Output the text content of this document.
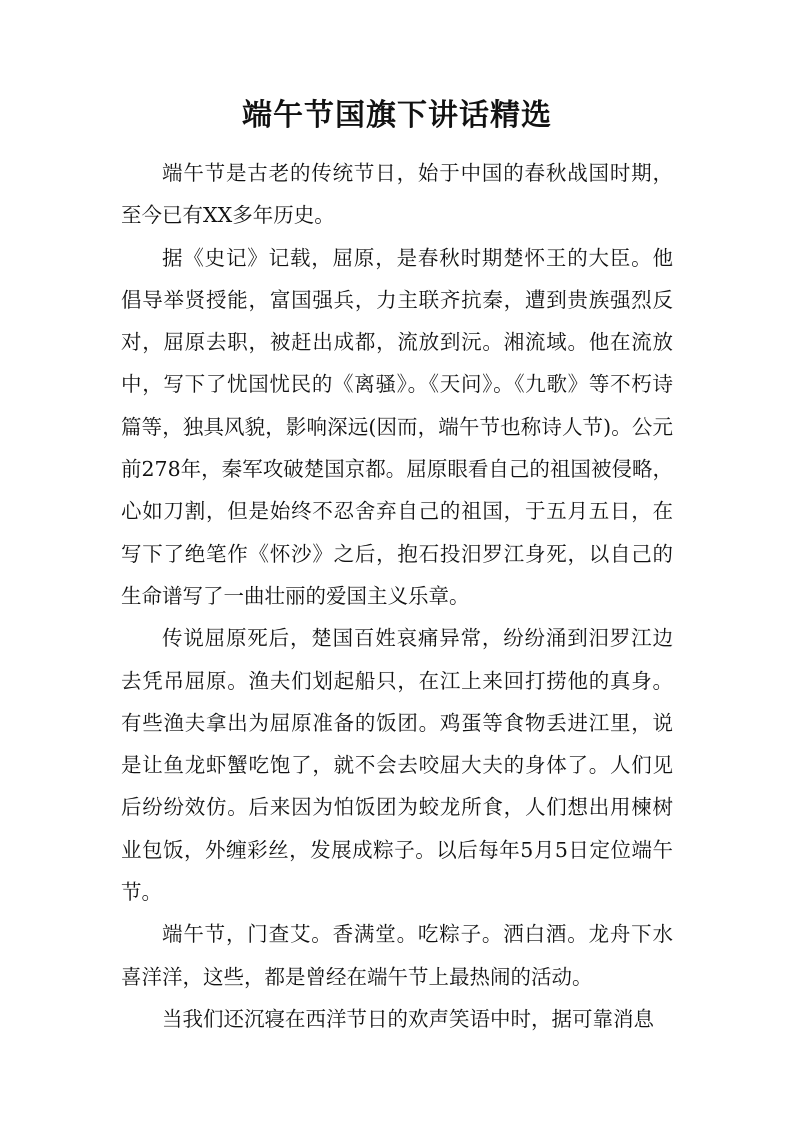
端午节国旗下讲话精选

端午节是古老的传统节日，始于中国的春秋战国时期，至今已有XX多年历史。

据《史记》记载，屈原，是春秋时期楚怀王的大臣。他倡导举贤授能，富国强兵，力主联齐抗秦，遭到贵族强烈反对，屈原去职，被赶出成都，流放到沅。湘流域。他在流放中，写下了忧国忧民的《离骚》。《天问》。《九歌》等不朽诗篇等，独具风貌，影响深远(因而，端午节也称诗人节)。公元前278年，秦军攻破楚国京都。屈原眼看自己的祖国被侵略，心如刀割，但是始终不忍舍弃自己的祖国，于五月五日，在写下了绝笔作《怀沙》之后，抱石投汨罗江身死，以自己的生命谱写了一曲壮丽的爱国主义乐章。

传说屈原死后，楚国百姓哀痛异常，纷纷涌到汨罗江边去凭吊屈原。渔夫们划起船只，在江上来回打捞他的真身。有些渔夫拿出为屈原准备的饭团。鸡蛋等食物丢进江里，说是让鱼龙虾蟹吃饱了，就不会去咬屈大夫的身体了。人们见后纷纷效仿。后来因为怕饭团为蛟龙所食，人们想出用楝树业包饭，外缠彩丝，发展成粽子。以后每年5月5日定位端午节。

端午节，门查艾。香满堂。吃粽子。洒白酒。龙舟下水喜洋洋，这些，都是曾经在端午节上最热闹的活动。

当我们还沉寝在西洋节日的欢声笑语中时，据可靠消息
